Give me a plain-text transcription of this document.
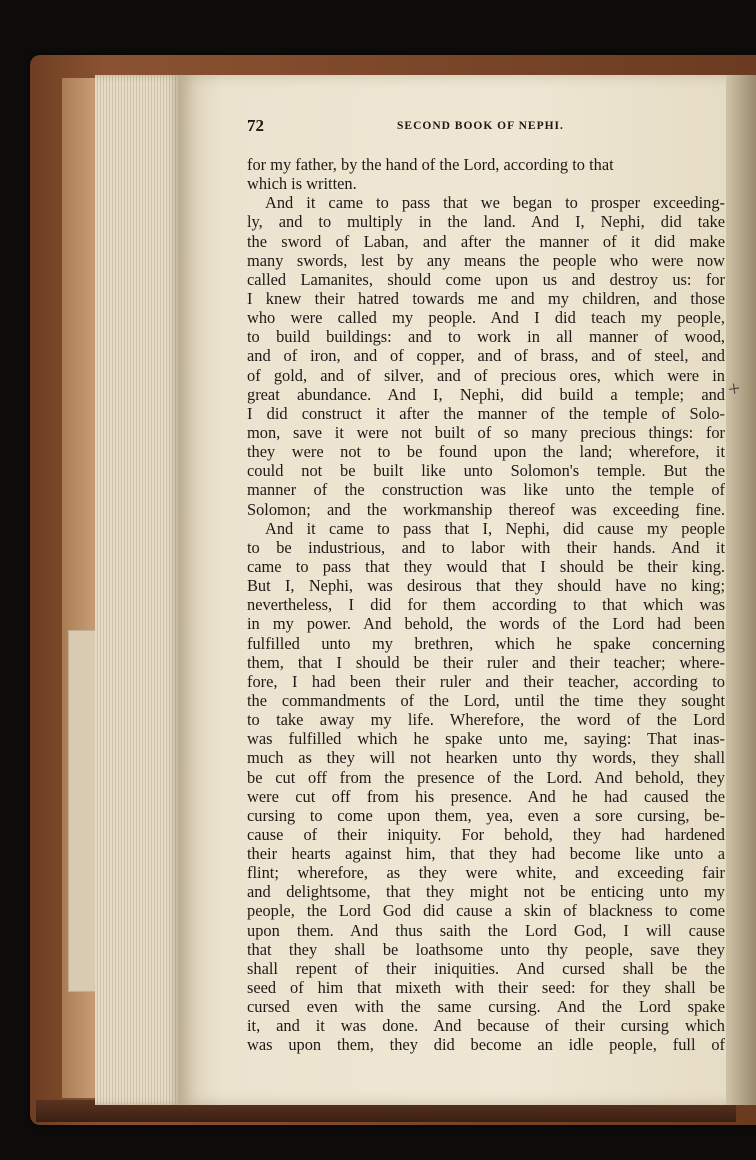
72	SECOND BOOK OF NEPHI.
for my father, by the hand of the Lord, according to that
which is written.
And it came to pass that we began to prosper exceeding-
ly, and to multiply in the land. And I, Nephi, did take
the sword of Laban, and after the manner of it did make
many swords, lest by any means the people who were now
called Lamanites, should come upon us and destroy us: for
I knew their hatred towards me and my children, and those
who were called my people. And I did teach my people,
to build buildings: and to work in all manner of wood,
and of iron, and of copper, and of brass, and of steel, and
of gold, and of silver, and of precious ores, which were in
great abundance. And I, Nephi, did build a temple; and
I did construct it after the manner of the temple of Solo-
mon, save it were not built of so many precious things: for
they were not to be found upon the land; wherefore, it
could not be built like unto Solomon's temple. But the
manner of the construction was like unto the temple of
Solomon; and the workmanship thereof was exceeding fine.
And it came to pass that I, Nephi, did cause my people
to be industrious, and to labor with their hands. And it
came to pass that they would that I should be their king.
But I, Nephi, was desirous that they should have no king;
nevertheless, I did for them according to that which was
in my power. And behold, the words of the Lord had been
fulfilled unto my brethren, which he spake concerning
them, that I should be their ruler and their teacher; where-
fore, I had been their ruler and their teacher, according to
the commandments of the Lord, until the time they sought
to take away my life. Wherefore, the word of the Lord
was fulfilled which he spake unto me, saying: That inas-
much as they will not hearken unto thy words, they shall
be cut off from the presence of the Lord. And behold, they
were cut off from his presence. And he had caused the
cursing to come upon them, yea, even a sore cursing, be-
cause of their iniquity. For behold, they had hardened
their hearts against him, that they had become like unto a
flint; wherefore, as they were white, and exceeding fair
and delightsome, that they might not be enticing unto my
people, the Lord God did cause a skin of blackness to come
upon them. And thus saith the Lord God, I will cause
that they shall be loathsome unto thy people, save they
shall repent of their iniquities. And cursed shall be the
seed of him that mixeth with their seed: for they shall be
cursed even with the same cursing. And the Lord spake
it, and it was done. And because of their cursing which
was upon them, they did become an idle people, full of
+
